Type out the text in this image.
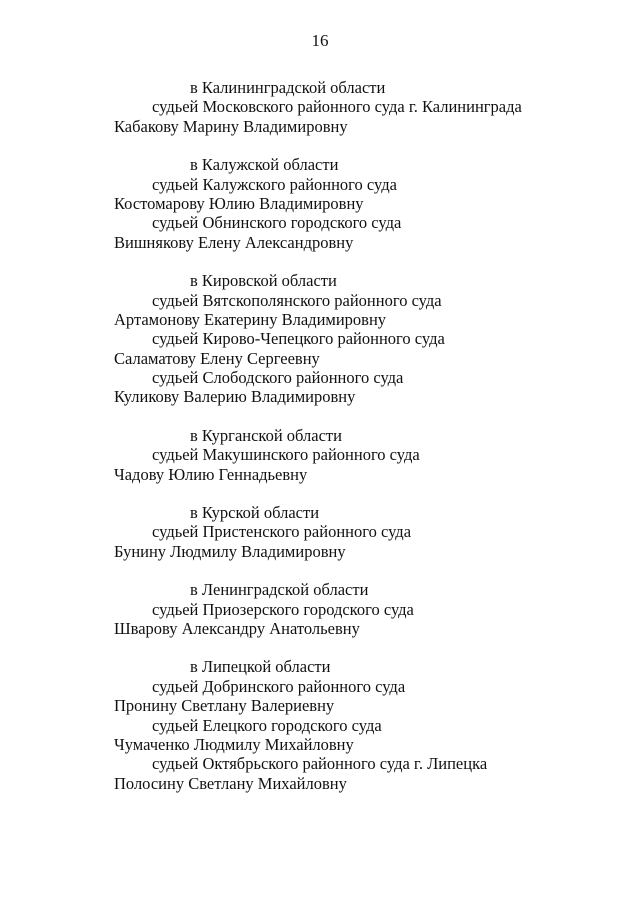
16
в Калининградской области
судьей Московского районного суда г. Калининграда
Кабакову Марину Владимировну
в Калужской области
судьей Калужского районного суда
Костомарову Юлию Владимировну
судьей Обнинского городского суда
Вишнякову Елену Александровну
в Кировской области
судьей Вятскополянского районного суда
Артамонову Екатерину Владимировну
судьей Кирово-Чепецкого районного суда
Саламатову Елену Сергеевну
судьей Слободского районного суда
Куликову Валерию Владимировну
в Курганской области
судьей Макушинского районного суда
Чадову Юлию Геннадьевну
в Курской области
судьей Пристенского районного суда
Бунину Людмилу Владимировну
в Ленинградской области
судьей Приозерского городского суда
Шварову Александру Анатольевну
в Липецкой области
судьей Добринского районного суда
Пронину Светлану Валериевну
судьей Елецкого городского суда
Чумаченко Людмилу Михайловну
судьей Октябрьского районного суда г. Липецка
Полосину Светлану Михайловну
